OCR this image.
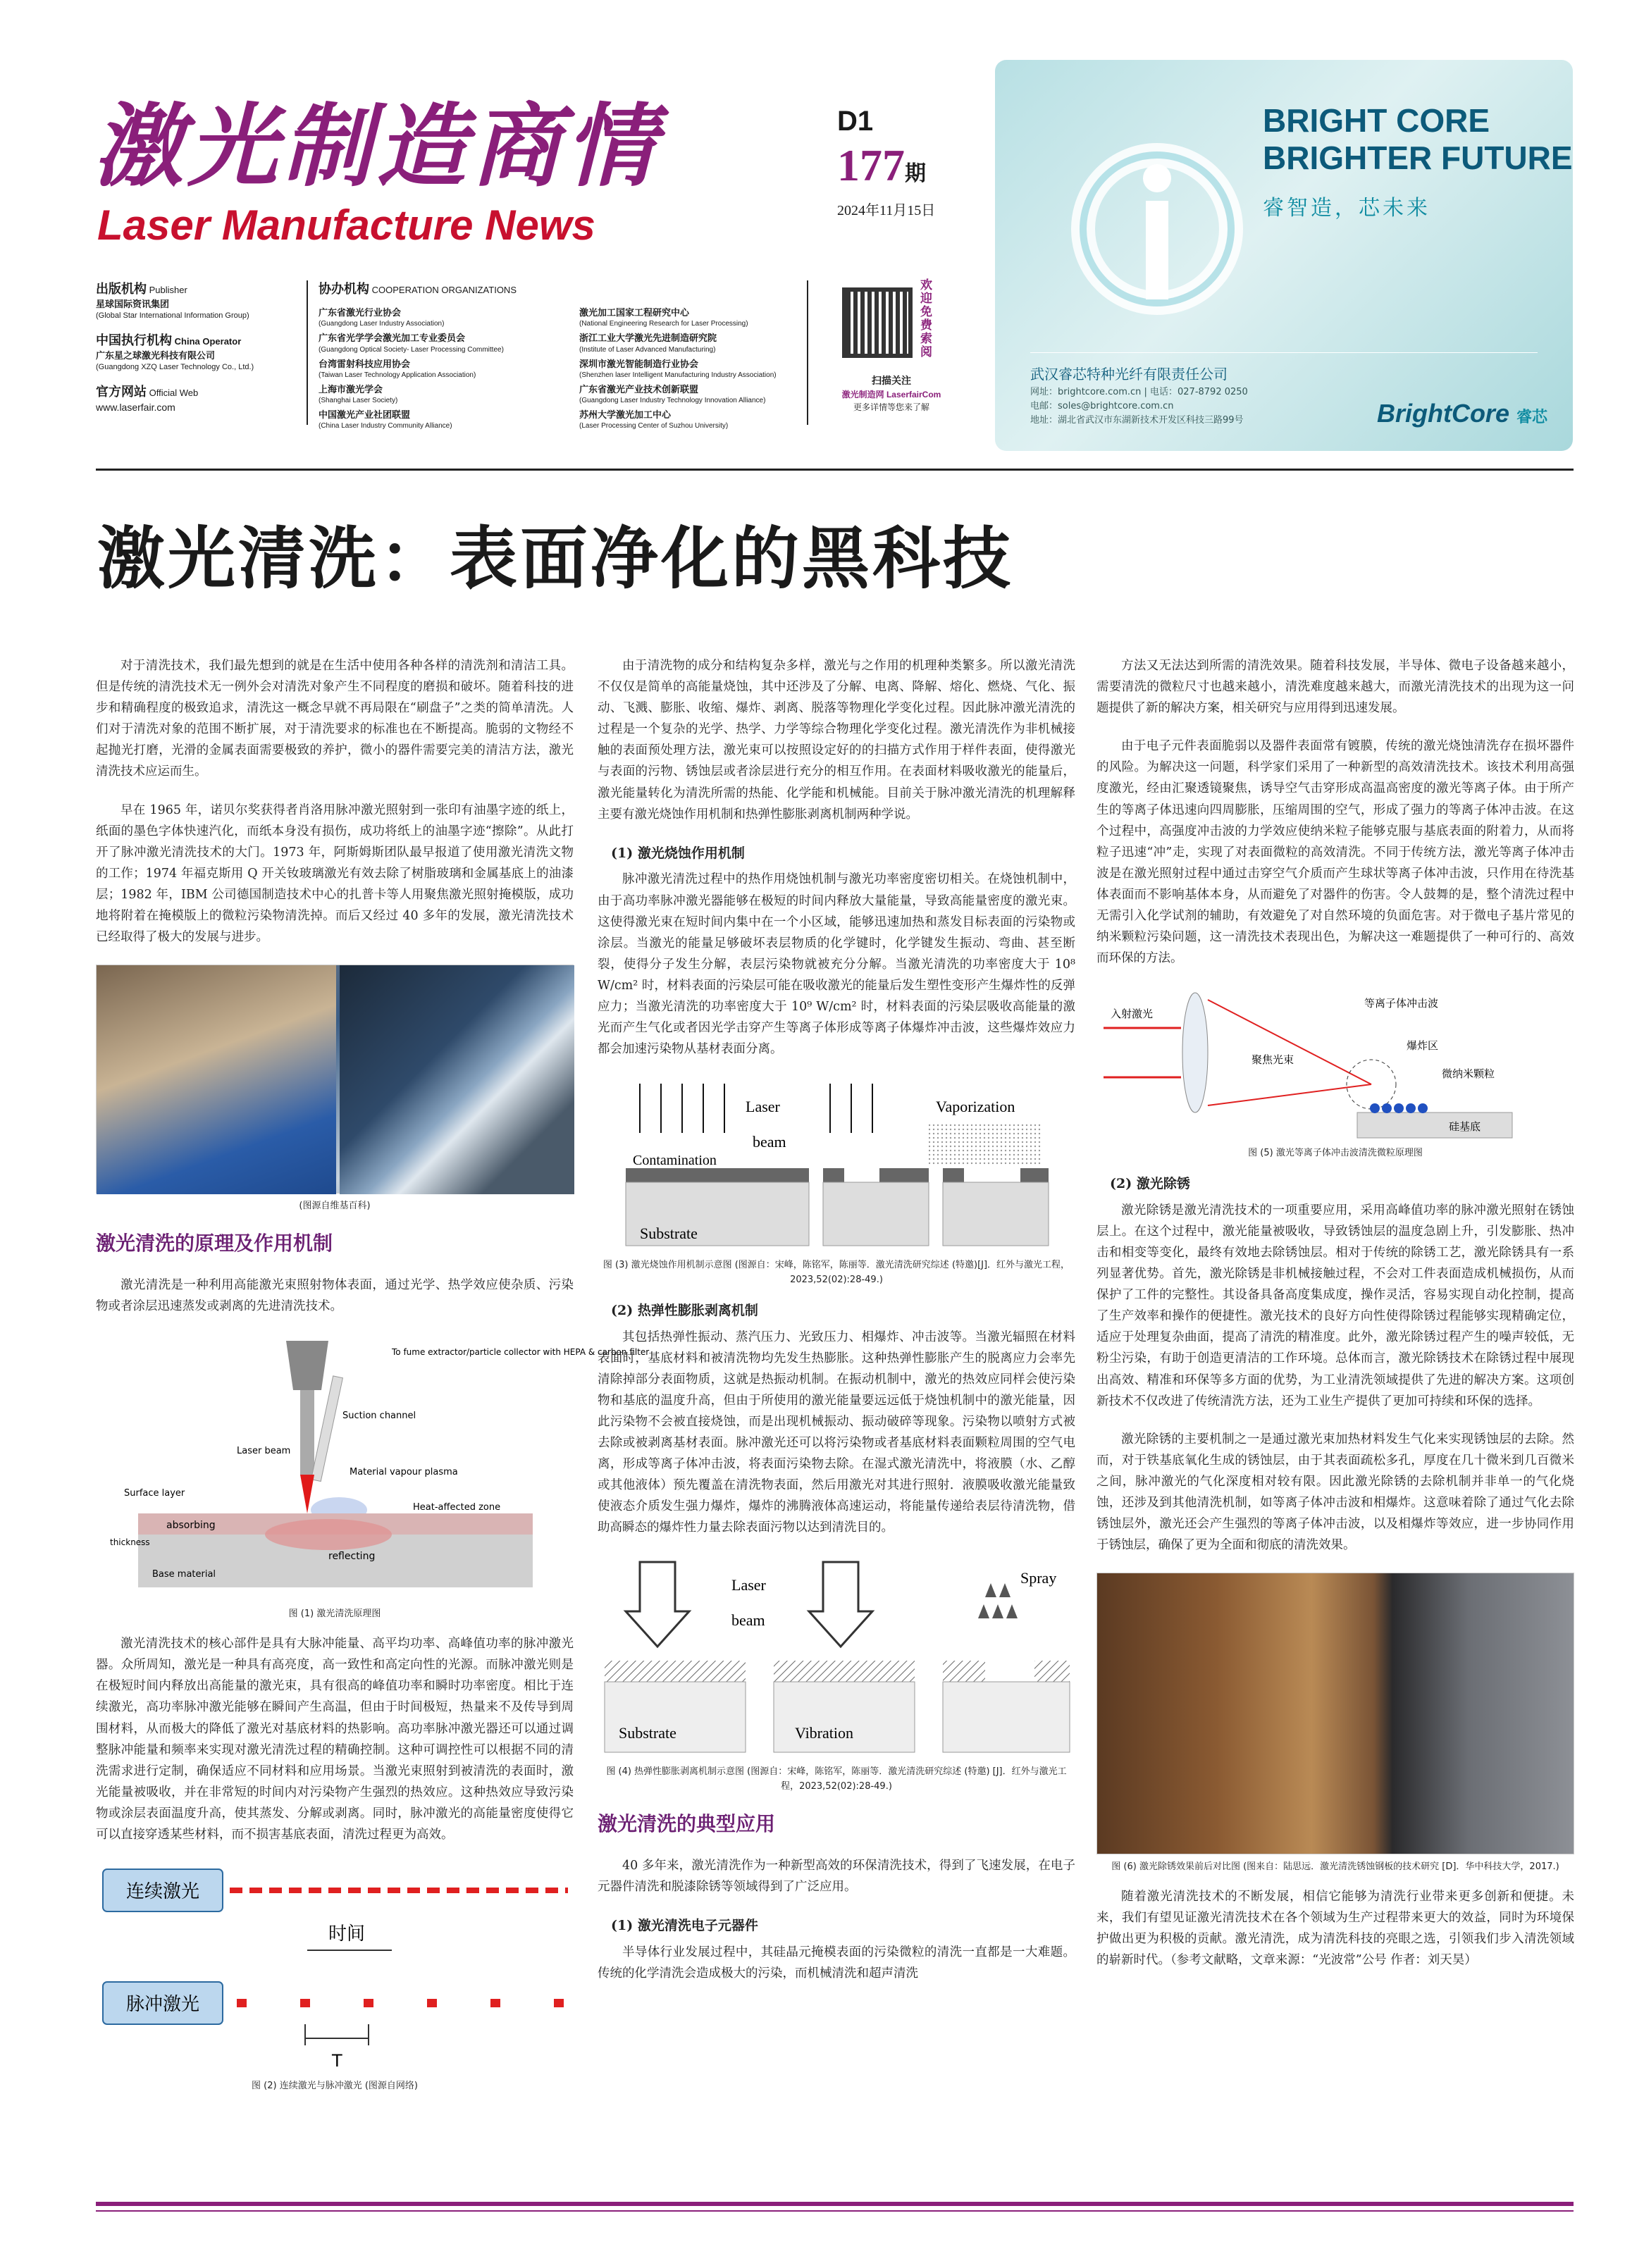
激光制造商情
Laser Manufacture News
D1
177期
2024年11月15日
出版机构 Publisher
星球国际资讯集团
(Global Star International Information Group)
中国执行机构 China Operator
广东星之球激光科技有限公司
(Guangdong XZQ Laser Technology Co., Ltd.)
官方网站 Official Web
www.laserfair.com
协办机构 COOPERATION ORGANIZATIONS
广东省激光行业协会
(Guangdong Laser Industry Association)
广东省光学学会激光加工专业委员会
(Guangdong Optical Society- Laser Processing Committee)
台湾雷射科技应用协会
(Taiwan Laser Technology Application Association)
上海市激光学会
(Shanghai Laser Society)
中国激光产业社团联盟
(China Laser Industry Community Alliance)
激光加工国家工程研究中心
(National Engineering Research for Laser Processing)
浙江工业大学激光先进制造研究院
(Institute of Laser Advanced Manufacturing)
深圳市激光智能制造行业协会
(Shenzhen laser Intelligent Manufacturing Industry Association)
广东省激光产业技术创新联盟
(Guangdong Laser Industry Technology Innovation Alliance)
苏州大学激光加工中心
(Laser Processing Center of Suzhou University)
欢迎免费索阅
扫描关注
激光制造网 LaserfairCom
更多详情等您来了解
BRIGHT CORE
BRIGHTER FUTURE
睿智造，芯未来
武汉睿芯特种光纤有限责任公司
网址：brightcore.com.cn | 电话：027-8792 0250
电邮：soles@brightcore.com.cn
地址：湖北省武汉市东湖新技术开发区科技三路99号	BrightCore 睿芯
激光清洗：表面净化的黑科技

对于清洗技术，我们最先想到的就是在生活中使用各种各样的清洗剂和清洁工具。但是传统的清洗技术无一例外会对清洗对象产生不同程度的磨损和破坏。随着科技的进步和精确程度的极致追求，清洗这一概念早就不再局限在“刷盘子”之类的简单清洗。人们对于清洗对象的范围不断扩展，对于清洗要求的标准也在不断提高。脆弱的文物经不起抛光打磨，光滑的金属表面需要极致的养护，微小的器件需要完美的清洁方法，激光清洗技术应运而生。

早在 1965 年，诺贝尔奖获得者肖洛用脉冲激光照射到一张印有油墨字迹的纸上，纸面的墨色字体快速汽化，而纸本身没有损伤，成功将纸上的油墨字迹“擦除”。从此打开了脉冲激光清洗技术的大门。1973 年，阿斯姆斯团队最早报道了使用激光清洗文物的工作；1974 年福克斯用 Q 开关钕玻璃激光有效去除了树脂玻璃和金属基底上的油漆层；1982 年，IBM 公司德国制造技术中心的扎普卡等人用聚焦激光照射掩模版，成功地将附着在掩模版上的微粒污染物清洗掉。而后又经过 40 多年的发展，激光清洗技术已经取得了极大的发展与进步。

(图源自维基百科)
激光清洗的原理及作用机制

激光清洗是一种利用高能激光束照射物体表面，通过光学、热学效应使杂质、污染物或者涂层迅速蒸发或剥离的先进清洗技术。

To fume extractor/particle collector with HEPA & carbon filter
Suction channel
Laser beam
Surface layer
Material vapour plasma
absorbing
thickness
Heat-affected zone
reflecting
Base material
图 (1) 激光清洗原理图

激光清洗技术的核心部件是具有大脉冲能量、高平均功率、高峰值功率的脉冲激光器。众所周知，激光是一种具有高亮度，高一致性和高定向性的光源。而脉冲激光则是在极短时间内释放出高能量的激光束，具有很高的峰值功率和瞬时功率密度。相比于连续激光，高功率脉冲激光能够在瞬间产生高温，但由于时间极短，热量来不及传导到周围材料，从而极大的降低了激光对基底材料的热影响。高功率脉冲激光器还可以通过调整脉冲能量和频率来实现对激光清洗过程的精确控制。这种可调控性可以根据不同的清洗需求进行定制，确保适应不同材料和应用场景。当激光束照射到被清洗的表面时，激光能量被吸收，并在非常短的时间内对污染物产生强烈的热效应。这种热效应导致污染物或涂层表面温度升高，使其蒸发、分解或剥离。同时，脉冲激光的高能量密度使得它可以直接穿透某些材料，而不损害基底表面，清洗过程更为高效。

连续激光
时间
脉冲激光
T
图 (2) 连续激光与脉冲激光 (图源自网络)

由于清洗物的成分和结构复杂多样，激光与之作用的机理种类繁多。所以激光清洗不仅仅是简单的高能量烧蚀，其中还涉及了分解、电离、降解、熔化、燃烧、气化、振动、飞溅、膨胀、收缩、爆炸、剥离、脱落等物理化学变化过程。因此脉冲激光清洗的过程是一个复杂的光学、热学、力学等综合物理化学变化过程。激光清洗作为非机械接触的表面预处理方法，激光束可以按照设定好的的扫描方式作用于样件表面，使得激光与表面的污物、锈蚀层或者涂层进行充分的相互作用。在表面材料吸收激光的能量后，激光能量转化为清洗所需的热能、化学能和机械能。目前关于脉冲激光清洗的机理解释主要有激光烧蚀作用机制和热弹性膨胀剥离机制两种学说。

(1) 激光烧蚀作用机制

脉冲激光清洗过程中的热作用烧蚀机制与激光功率密度密切相关。在烧蚀机制中，由于高功率脉冲激光器能够在极短的时间内释放大量能量，导致高能量密度的激光束。这使得激光束在短时间内集中在一个小区域，能够迅速加热和蒸发目标表面的污染物或涂层。当激光的能量足够破坏表层物质的化学键时，化学键发生振动、弯曲、甚至断裂，使得分子发生分解，表层污染物就被充分分解。当激光清洗的功率密度大于 10⁸ W/cm² 时，材料表面的污染层可能在吸收激光的能量后发生塑性变形产生爆炸性的反弹应力；当激光清洗的功率密度大于 10⁹ W/cm² 时，材料表面的污染层吸收高能量的激光而产生气化或者因光学击穿产生等离子体形成等离子体爆炸冲击波，这些爆炸效应力都会加速污染物从基材表面分离。

Laser
beam
Vaporization
Contamination
Substrate
图 (3) 激光烧蚀作用机制示意图 (图源自：宋峰，陈铭军，陈丽等．激光清洗研究综述 (特邀)[J]．红外与激光工程，2023,52(02):28-49.)
(2) 热弹性膨胀剥离机制

其包括热弹性振动、蒸汽压力、光致压力、相爆炸、冲击波等。当激光辐照在材料表面时，基底材料和被清洗物均先发生热膨胀。这种热弹性膨胀产生的脱离应力会率先清除掉部分表面物质，这就是热振动机制。在振动机制中，激光的热效应同样会使污染物和基底的温度升高，但由于所使用的激光能量要远远低于烧蚀机制中的激光能量，因此污染物不会被直接烧蚀，而是出现机械振动、振动破碎等现象。污染物以喷射方式被去除或被剥离基材表面。脉冲激光还可以将污染物或者基底材料表面颗粒周围的空气电离，形成等离子体冲击波，将表面污染物去除。在湿式激光清洗中，将液膜（水、乙醇或其他液体）预先覆盖在清洗物表面，然后用激光对其进行照射．液膜吸收激光能量致使液态介质发生强力爆炸，爆炸的沸腾液体高速运动，将能量传递给表层待清洗物，借助高瞬态的爆炸性力量去除表面污物以达到清洗目的。

Laser
beam
Spray
Substrate	Vibration
图 (4) 热弹性膨胀剥离机制示意图 (图源自：宋峰，陈铭军，陈丽等．激光清洗研究综述 (特邀) [J]．红外与激光工程，2023,52(02):28-49.)
激光清洗的典型应用

40 多年来，激光清洗作为一种新型高效的环保清洗技术，得到了飞速发展，在电子元器件清洗和脱漆除锈等领域得到了广泛应用。

(1) 激光清洗电子元器件

半导体行业发展过程中，其硅晶元掩模表面的污染微粒的清洗一直都是一大难题。传统的化学清洗会造成极大的污染，而机械清洗和超声清洗

方法又无法达到所需的清洗效果。随着科技发展，半导体、微电子设备越来越小，需要清洗的微粒尺寸也越来越小，清洗难度越来越大，而激光清洗技术的出现为这一问题提供了新的解决方案，相关研究与应用得到迅速发展。

由于电子元件表面脆弱以及器件表面常有镀膜，传统的激光烧蚀清洗存在损坏器件的风险。为解决这一问题，科学家们采用了一种新型的高效清洗技术。该技术利用高强度激光，经由汇聚透镜聚焦，诱导空气击穿形成高温高密度的激光等离子体。由于所产生的等离子体迅速向四周膨胀，压缩周围的空气，形成了强力的等离子体冲击波。在这个过程中，高强度冲击波的力学效应使纳米粒子能够克服与基底表面的附着力，从而将粒子迅速“冲”走，实现了对表面微粒的高效清洗。不同于传统方法，激光等离子体冲击波是在激光照射过程中通过击穿空气介质而产生球状等离子体冲击波，只作用在待洗基体表面而不影响基体本身，从而避免了对器件的伤害。令人鼓舞的是，整个清洗过程中无需引入化学试剂的辅助，有效避免了对自然环境的负面危害。对于微电子基片常见的纳米颗粒污染问题，这一清洗技术表现出色，为解决这一难题提供了一种可行的、高效而环保的方法。

入射激光
聚焦光束
等离子体冲击波
爆炸区
微纳米颗粒
硅基底
图 (5) 激光等离子体冲击波清洗微粒原理图
(2) 激光除锈

激光除锈是激光清洗技术的一项重要应用，采用高峰值功率的脉冲激光照射在锈蚀层上。在这个过程中，激光能量被吸收，导致锈蚀层的温度急剧上升，引发膨胀、热冲击和相变等变化，最终有效地去除锈蚀层。相对于传统的除锈工艺，激光除锈具有一系列显著优势。首先，激光除锈是非机械接触过程，不会对工件表面造成机械损伤，从而保护了工件的完整性。其设备具备高度集成度，操作灵活，容易实现自动化控制，提高了生产效率和操作的便捷性。激光技术的良好方向性使得除锈过程能够实现精确定位，适应于处理复杂曲面，提高了清洗的精准度。此外，激光除锈过程产生的噪声较低，无粉尘污染，有助于创造更清洁的工作环境。总体而言，激光除锈技术在除锈过程中展现出高效、精准和环保等多方面的优势，为工业清洗领域提供了先进的解决方案。这项创新技术不仅改进了传统清洗方法，还为工业生产提供了更加可持续和环保的选择。

激光除锈的主要机制之一是通过激光束加热材料发生气化来实现锈蚀层的去除。然而，对于铁基底氧化生成的锈蚀层，由于其表面疏松多孔，厚度在几十微米到几百微米之间，脉冲激光的气化深度相对较有限。因此激光除锈的去除机制并非单一的气化烧蚀，还涉及到其他清洗机制，如等离子体冲击波和相爆炸。这意味着除了通过气化去除锈蚀层外，激光还会产生强烈的等离子体冲击波，以及相爆炸等效应，进一步协同作用于锈蚀层，确保了更为全面和彻底的清洗效果。

图 (6) 激光除锈效果前后对比图 (图来自：陆思远．激光清洗锈蚀钢板的技术研究 [D]．华中科技大学，2017.)

随着激光清洗技术的不断发展，相信它能够为清洗行业带来更多创新和便捷。未来，我们有望见证激光清洗技术在各个领域为生产过程带来更大的效益，同时为环境保护做出更为积极的贡献。激光清洗，成为清洗科技的亮眼之选，引领我们步入清洗领域的崭新时代。（参考文献略，文章来源：“光波常”公号 作者：刘天昊）
